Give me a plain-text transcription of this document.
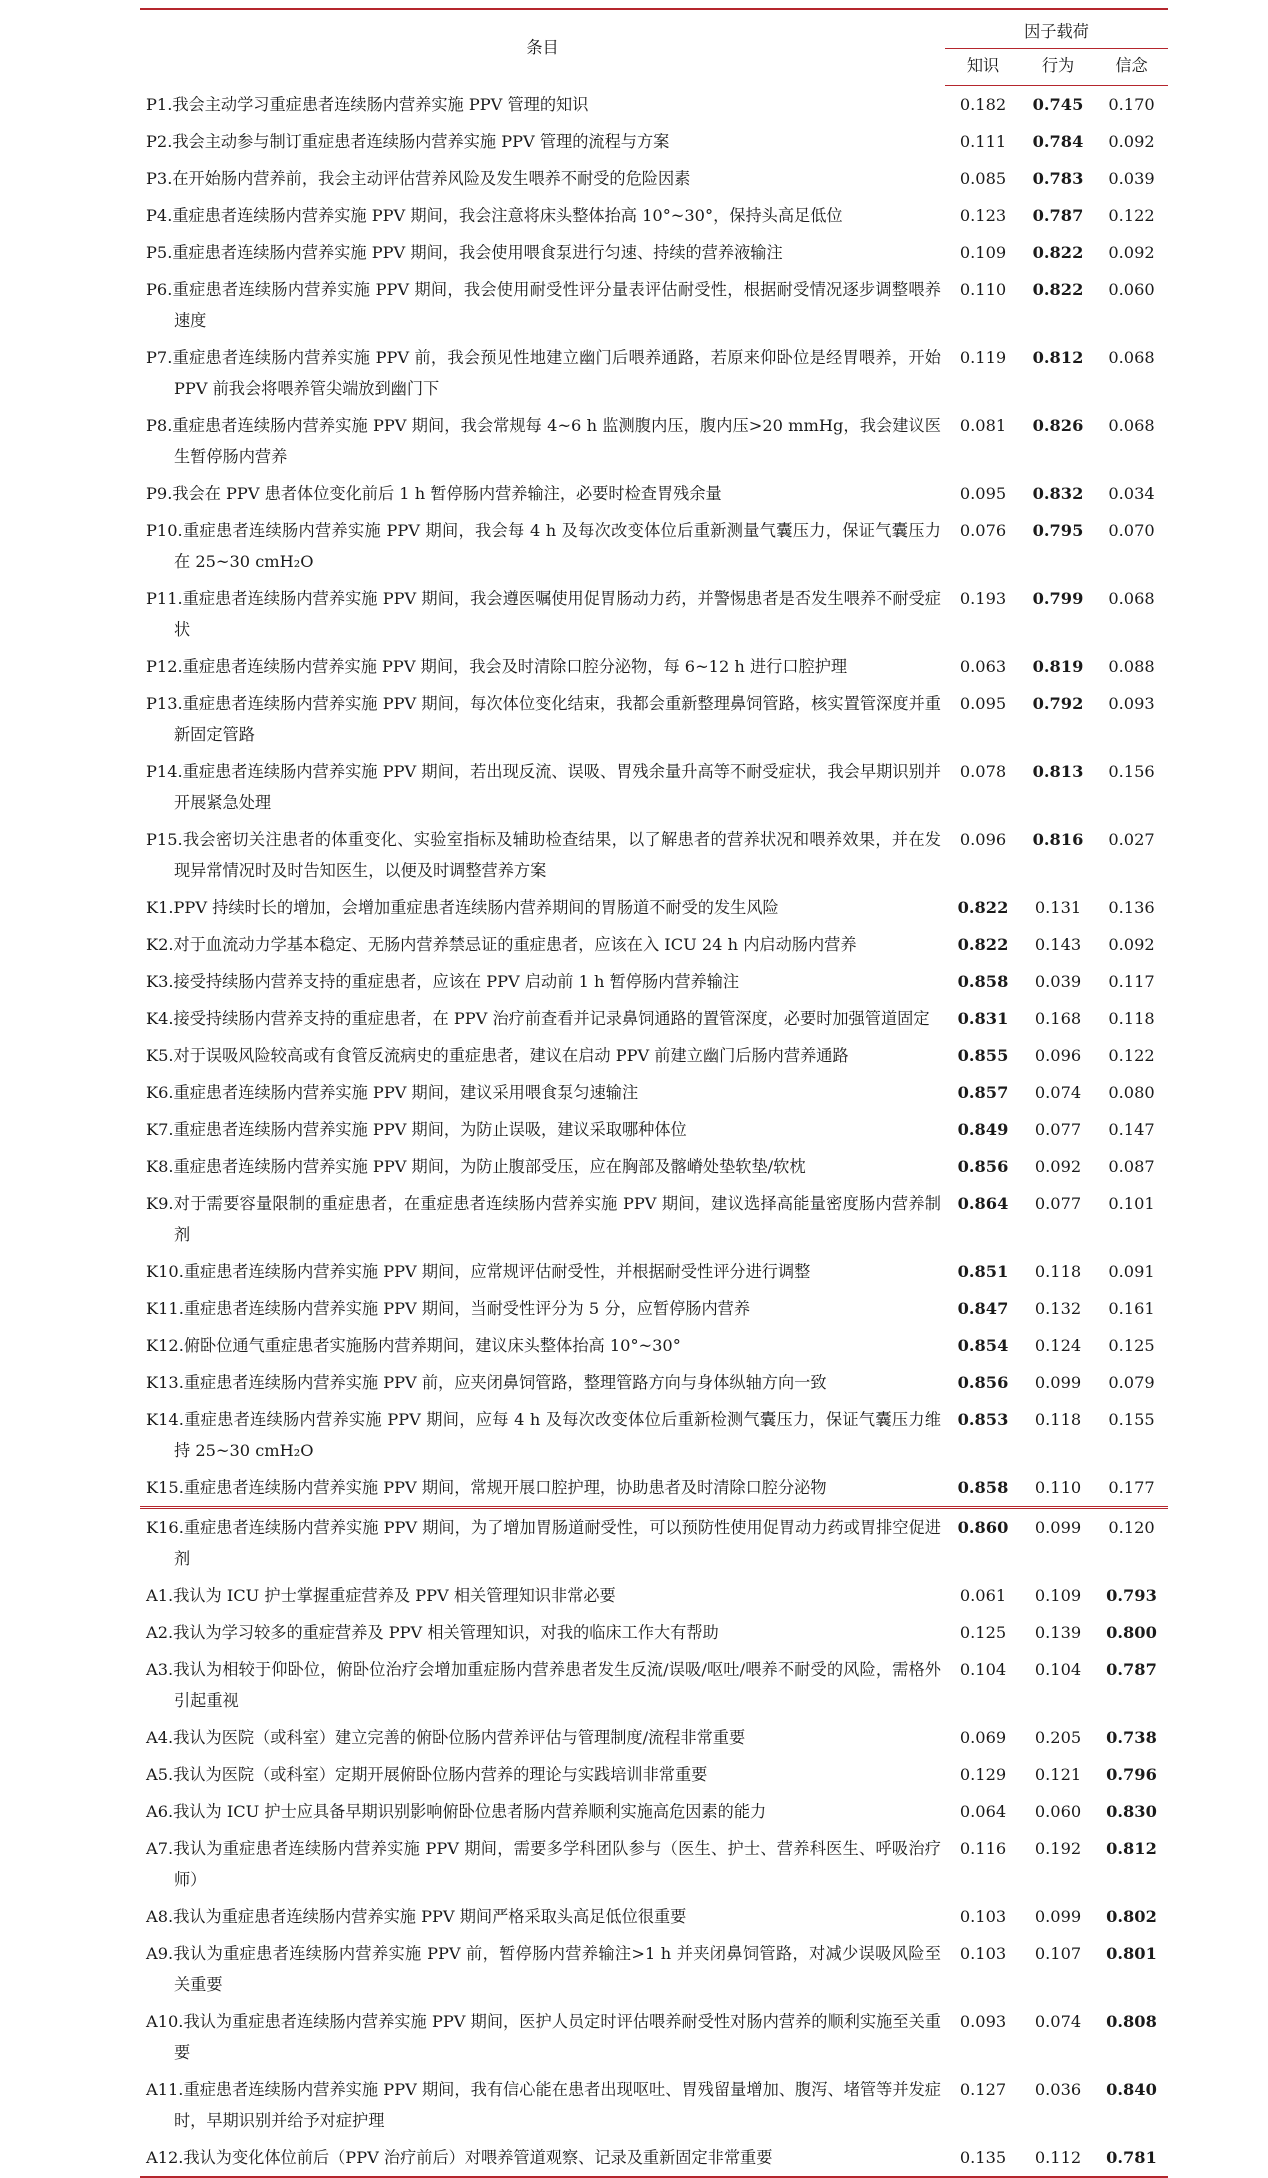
条目	因子载荷		
	知识	行为	信念

P1.我会主动学习重症患者连续肠内营养实施 PPV 管理的知识	0.182	0.745	0.170

P2.我会主动参与制订重症患者连续肠内营养实施 PPV 管理的流程与方案	0.111	0.784	0.092

P3.在开始肠内营养前，我会主动评估营养风险及发生喂养不耐受的危险因素	0.085	0.783	0.039

P4.重症患者连续肠内营养实施 PPV 期间，我会注意将床头整体抬高 10°~30°，保持头高足低位	0.123	0.787	0.122

P5.重症患者连续肠内营养实施 PPV 期间，我会使用喂食泵进行匀速、持续的营养液输注	0.109	0.822	0.092

P6.重症患者连续肠内营养实施 PPV 期间，我会使用耐受性评分量表评估耐受性，根据耐受情况逐步调整喂养速度	0.110	0.822	0.060

P7.重症患者连续肠内营养实施 PPV 前，我会预见性地建立幽门后喂养通路，若原来仰卧位是经胃喂养，开始 PPV 前我会将喂养管尖端放到幽门下	0.119	0.812	0.068

P8.重症患者连续肠内营养实施 PPV 期间，我会常规每 4~6 h 监测腹内压，腹内压>20 mmHg，我会建议医生暂停肠内营养	0.081	0.826	0.068

P9.我会在 PPV 患者体位变化前后 1 h 暂停肠内营养输注，必要时检查胃残余量	0.095	0.832	0.034

P10.重症患者连续肠内营养实施 PPV 期间，我会每 4 h 及每次改变体位后重新测量气囊压力，保证气囊压力在 25~30 cmH₂O	0.076	0.795	0.070

P11.重症患者连续肠内营养实施 PPV 期间，我会遵医嘱使用促胃肠动力药，并警惕患者是否发生喂养不耐受症状	0.193	0.799	0.068

P12.重症患者连续肠内营养实施 PPV 期间，我会及时清除口腔分泌物，每 6~12 h 进行口腔护理	0.063	0.819	0.088

P13.重症患者连续肠内营养实施 PPV 期间，每次体位变化结束，我都会重新整理鼻饲管路，核实置管深度并重新固定管路	0.095	0.792	0.093

P14.重症患者连续肠内营养实施 PPV 期间，若出现反流、误吸、胃残余量升高等不耐受症状，我会早期识别并开展紧急处理	0.078	0.813	0.156

P15.我会密切关注患者的体重变化、实验室指标及辅助检查结果，以了解患者的营养状况和喂养效果，并在发现异常情况时及时告知医生，以便及时调整营养方案	0.096	0.816	0.027

K1.PPV 持续时长的增加，会增加重症患者连续肠内营养期间的胃肠道不耐受的发生风险	0.822	0.131	0.136

K2.对于血流动力学基本稳定、无肠内营养禁忌证的重症患者，应该在入 ICU 24 h 内启动肠内营养	0.822	0.143	0.092

K3.接受持续肠内营养支持的重症患者，应该在 PPV 启动前 1 h 暂停肠内营养输注	0.858	0.039	0.117

K4.接受持续肠内营养支持的重症患者，在 PPV 治疗前查看并记录鼻饲通路的置管深度，必要时加强管道固定	0.831	0.168	0.118

K5.对于误吸风险较高或有食管反流病史的重症患者，建议在启动 PPV 前建立幽门后肠内营养通路	0.855	0.096	0.122

K6.重症患者连续肠内营养实施 PPV 期间，建议采用喂食泵匀速输注	0.857	0.074	0.080

K7.重症患者连续肠内营养实施 PPV 期间，为防止误吸，建议采取哪种体位	0.849	0.077	0.147

K8.重症患者连续肠内营养实施 PPV 期间，为防止腹部受压，应在胸部及髂嵴处垫软垫/软枕	0.856	0.092	0.087

K9.对于需要容量限制的重症患者，在重症患者连续肠内营养实施 PPV 期间，建议选择高能量密度肠内营养制剂	0.864	0.077	0.101

K10.重症患者连续肠内营养实施 PPV 期间，应常规评估耐受性，并根据耐受性评分进行调整	0.851	0.118	0.091

K11.重症患者连续肠内营养实施 PPV 期间，当耐受性评分为 5 分，应暂停肠内营养	0.847	0.132	0.161

K12.俯卧位通气重症患者实施肠内营养期间，建议床头整体抬高 10°~30°	0.854	0.124	0.125

K13.重症患者连续肠内营养实施 PPV 前，应夹闭鼻饲管路，整理管路方向与身体纵轴方向一致	0.856	0.099	0.079

K14.重症患者连续肠内营养实施 PPV 期间，应每 4 h 及每次改变体位后重新检测气囊压力，保证气囊压力维持 25~30 cmH₂O	0.853	0.118	0.155

K15.重症患者连续肠内营养实施 PPV 期间，常规开展口腔护理，协助患者及时清除口腔分泌物	0.858	0.110	0.177

K16.重症患者连续肠内营养实施 PPV 期间，为了增加胃肠道耐受性，可以预防性使用促胃动力药或胃排空促进剂	0.860	0.099	0.120

A1.我认为 ICU 护士掌握重症营养及 PPV 相关管理知识非常必要	0.061	0.109	0.793

A2.我认为学习较多的重症营养及 PPV 相关管理知识，对我的临床工作大有帮助	0.125	0.139	0.800

A3.我认为相较于仰卧位，俯卧位治疗会增加重症肠内营养患者发生反流/误吸/呕吐/喂养不耐受的风险，需格外引起重视	0.104	0.104	0.787

A4.我认为医院（或科室）建立完善的俯卧位肠内营养评估与管理制度/流程非常重要	0.069	0.205	0.738

A5.我认为医院（或科室）定期开展俯卧位肠内营养的理论与实践培训非常重要	0.129	0.121	0.796

A6.我认为 ICU 护士应具备早期识别影响俯卧位患者肠内营养顺利实施高危因素的能力	0.064	0.060	0.830

A7.我认为重症患者连续肠内营养实施 PPV 期间，需要多学科团队参与（医生、护士、营养科医生、呼吸治疗师）	0.116	0.192	0.812

A8.我认为重症患者连续肠内营养实施 PPV 期间严格采取头高足低位很重要	0.103	0.099	0.802

A9.我认为重症患者连续肠内营养实施 PPV 前，暂停肠内营养输注>1 h 并夹闭鼻饲管路，对减少误吸风险至关重要	0.103	0.107	0.801

A10.我认为重症患者连续肠内营养实施 PPV 期间，医护人员定时评估喂养耐受性对肠内营养的顺利实施至关重要	0.093	0.074	0.808

A11.重症患者连续肠内营养实施 PPV 期间，我有信心能在患者出现呕吐、胃残留量增加、腹泻、堵管等并发症时，早期识别并给予对症护理	0.127	0.036	0.840

A12.我认为变化体位前后（PPV 治疗前后）对喂养管道观察、记录及重新固定非常重要	0.135	0.112	0.781
